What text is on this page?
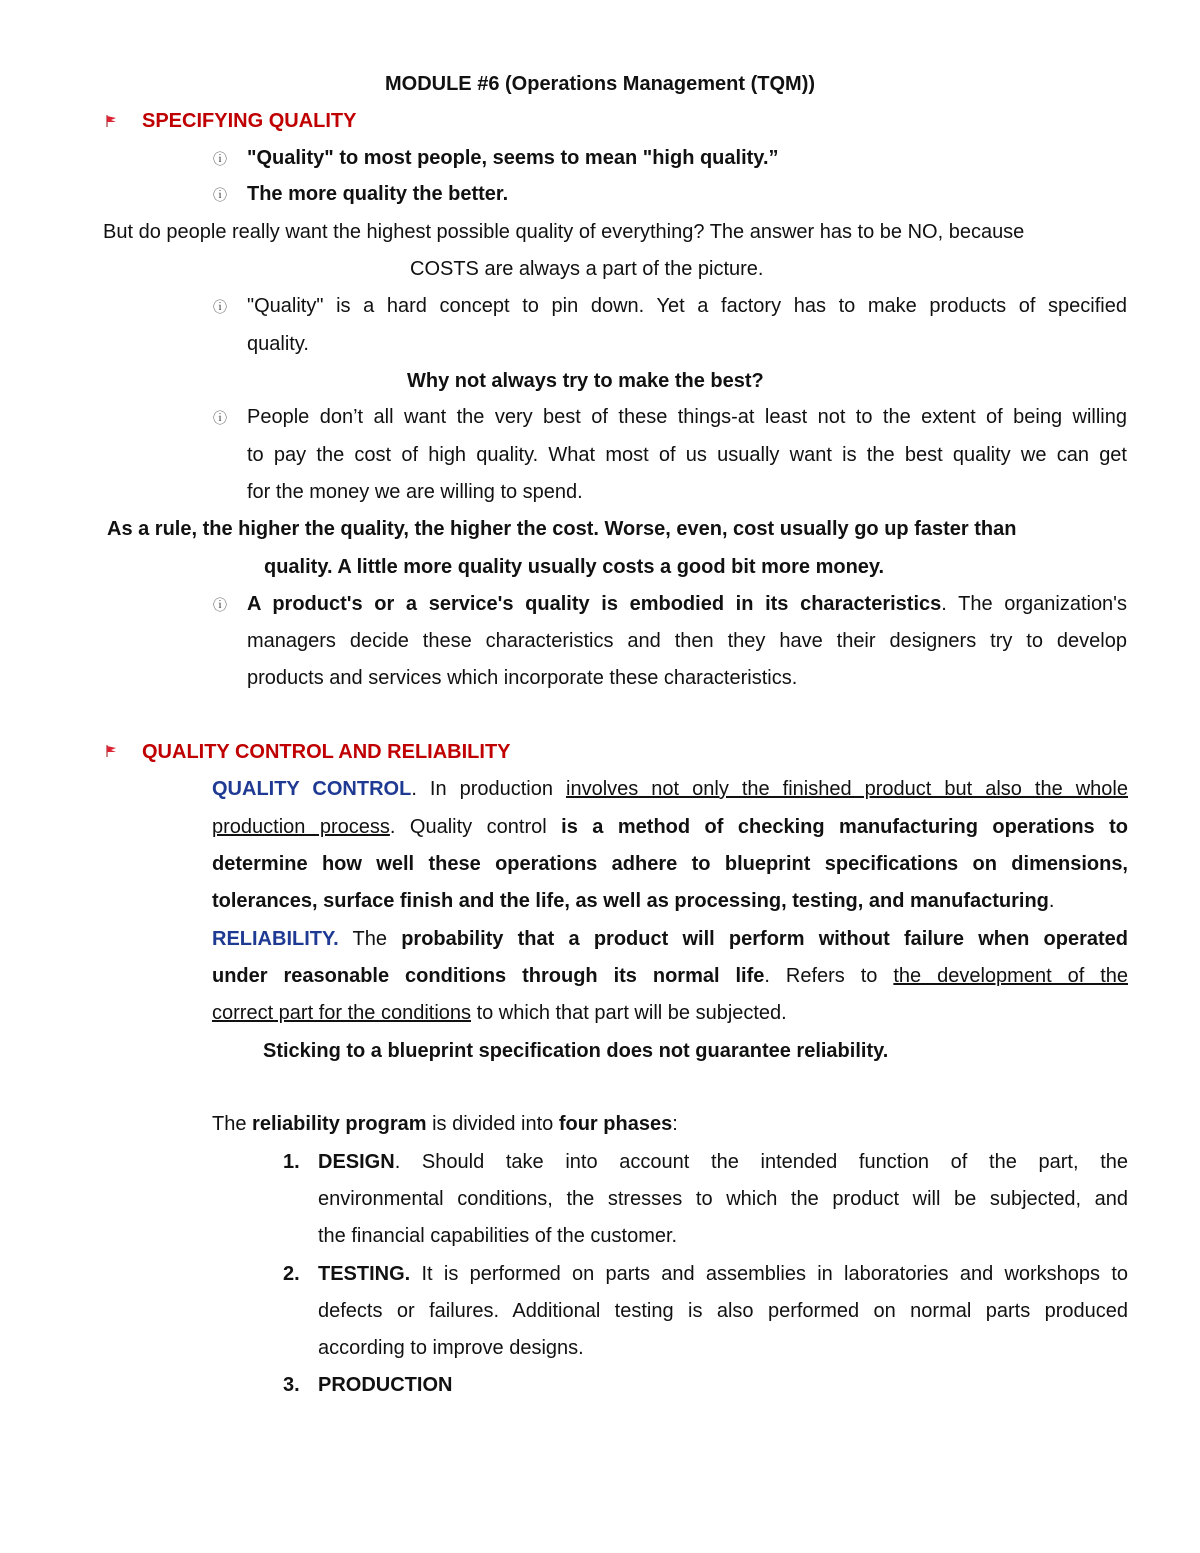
MODULE #6 (Operations Management (TQM))
SPECIFYING QUALITY
ⓘ "Quality" to most people, seems to mean "high quality.”
ⓘ The more quality the better.
But do people really want the highest possible quality of everything? The answer has to be NO, because
COSTS are always a part of the picture.
ⓘ "Quality" is a hard concept to pin down. Yet a factory has to make products of specified
quality.
Why not always try to make the best?
ⓘ People don’t all want the very best of these things-at least not to the extent of being willing
to pay the cost of high quality. What most of us usually want is the best quality we can get
for the money we are willing to spend.
As a rule, the higher the quality, the higher the cost. Worse, even, cost usually go up faster than
quality. A little more quality usually costs a good bit more money.
ⓘ A product's or a service's quality is embodied in its characteristics. The organization's
managers decide these characteristics and then they have their designers try to develop
products and services which incorporate these characteristics.
QUALITY CONTROL AND RELIABILITY
QUALITY CONTROL. In production involves not only the finished product but also the whole
production process. Quality control is a method of checking manufacturing operations to
determine how well these operations adhere to blueprint specifications on dimensions,
tolerances, surface finish and the life, as well as processing, testing, and manufacturing.
RELIABILITY. The probability that a product will perform without failure when operated
under reasonable conditions through its normal life. Refers to the development of the
correct part for the conditions to which that part will be subjected.
Sticking to a blueprint specification does not guarantee reliability.
The reliability program is divided into four phases:
1. DESIGN. Should take into account the intended function of the part, the
environmental conditions, the stresses to which the product will be subjected, and
the financial capabilities of the customer.
2. TESTING. It is performed on parts and assemblies in laboratories and workshops to
defects or failures. Additional testing is also performed on normal parts produced
according to improve designs.
3. PRODUCTION
